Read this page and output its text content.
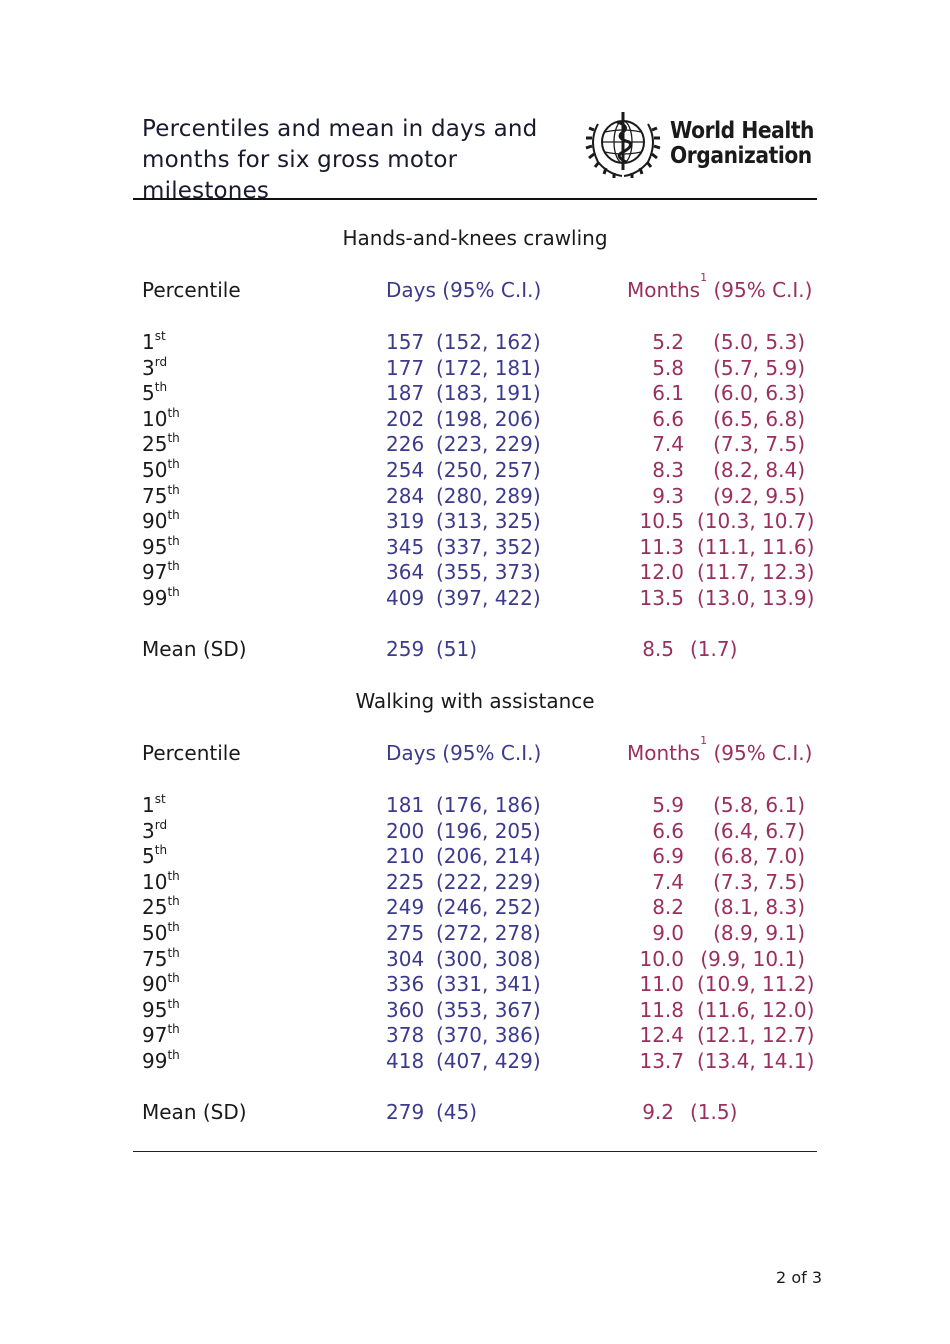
Percentiles and mean in days and
months for six gross motor milestones
World Health
Organization
Hands-and-knees crawling
Percentile	Days (95% C.I.)	Months$^1$ (95% C.I.)
1st	157 (152, 162)	5.2	(5.0, 5.3)
3rd	177 (172, 181)	5.8	(5.7, 5.9)
5th	187 (183, 191)	6.1	(6.0, 6.3)
10th	202 (198, 206)	6.6	(6.5, 6.8)
25th	226 (223, 229)	7.4	(7.3, 7.5)
50th	254 (250, 257)	8.3	(8.2, 8.4)
75th	284 (280, 289)	9.3	(9.2, 9.5)
90th	319 (313, 325)	10.5 (10.3, 10.7)
95th	345 (337, 352)	11.3 (11.1, 11.6)
97th	364 (355, 373)	12.0 (11.7, 12.3)
99th	409 (397, 422)	13.5 (13.0, 13.9)
Mean (SD)	259 (51)	8.5 (1.7)
Walking with assistance
Percentile	Days (95% C.I.)	Months$^1$ (95% C.I.)
1st	181 (176, 186)	5.9	(5.8, 6.1)
3rd	200 (196, 205)	6.6	(6.4, 6.7)
5th	210 (206, 214)	6.9	(6.8, 7.0)
10th	225 (222, 229)	7.4	(7.3, 7.5)
25th	249 (246, 252)	8.2	(8.1, 8.3)
50th	275 (272, 278)	9.0	(8.9, 9.1)
75th	304 (300, 308)	10.0 (9.9, 10.1)
90th	336 (331, 341)	11.0 (10.9, 11.2)
95th	360 (353, 367)	11.8 (11.6, 12.0)
97th	378 (370, 386)	12.4 (12.1, 12.7)
99th	418 (407, 429)	13.7 (13.4, 14.1)
Mean (SD)	279 (45)	9.2 (1.5)
2 of 3
